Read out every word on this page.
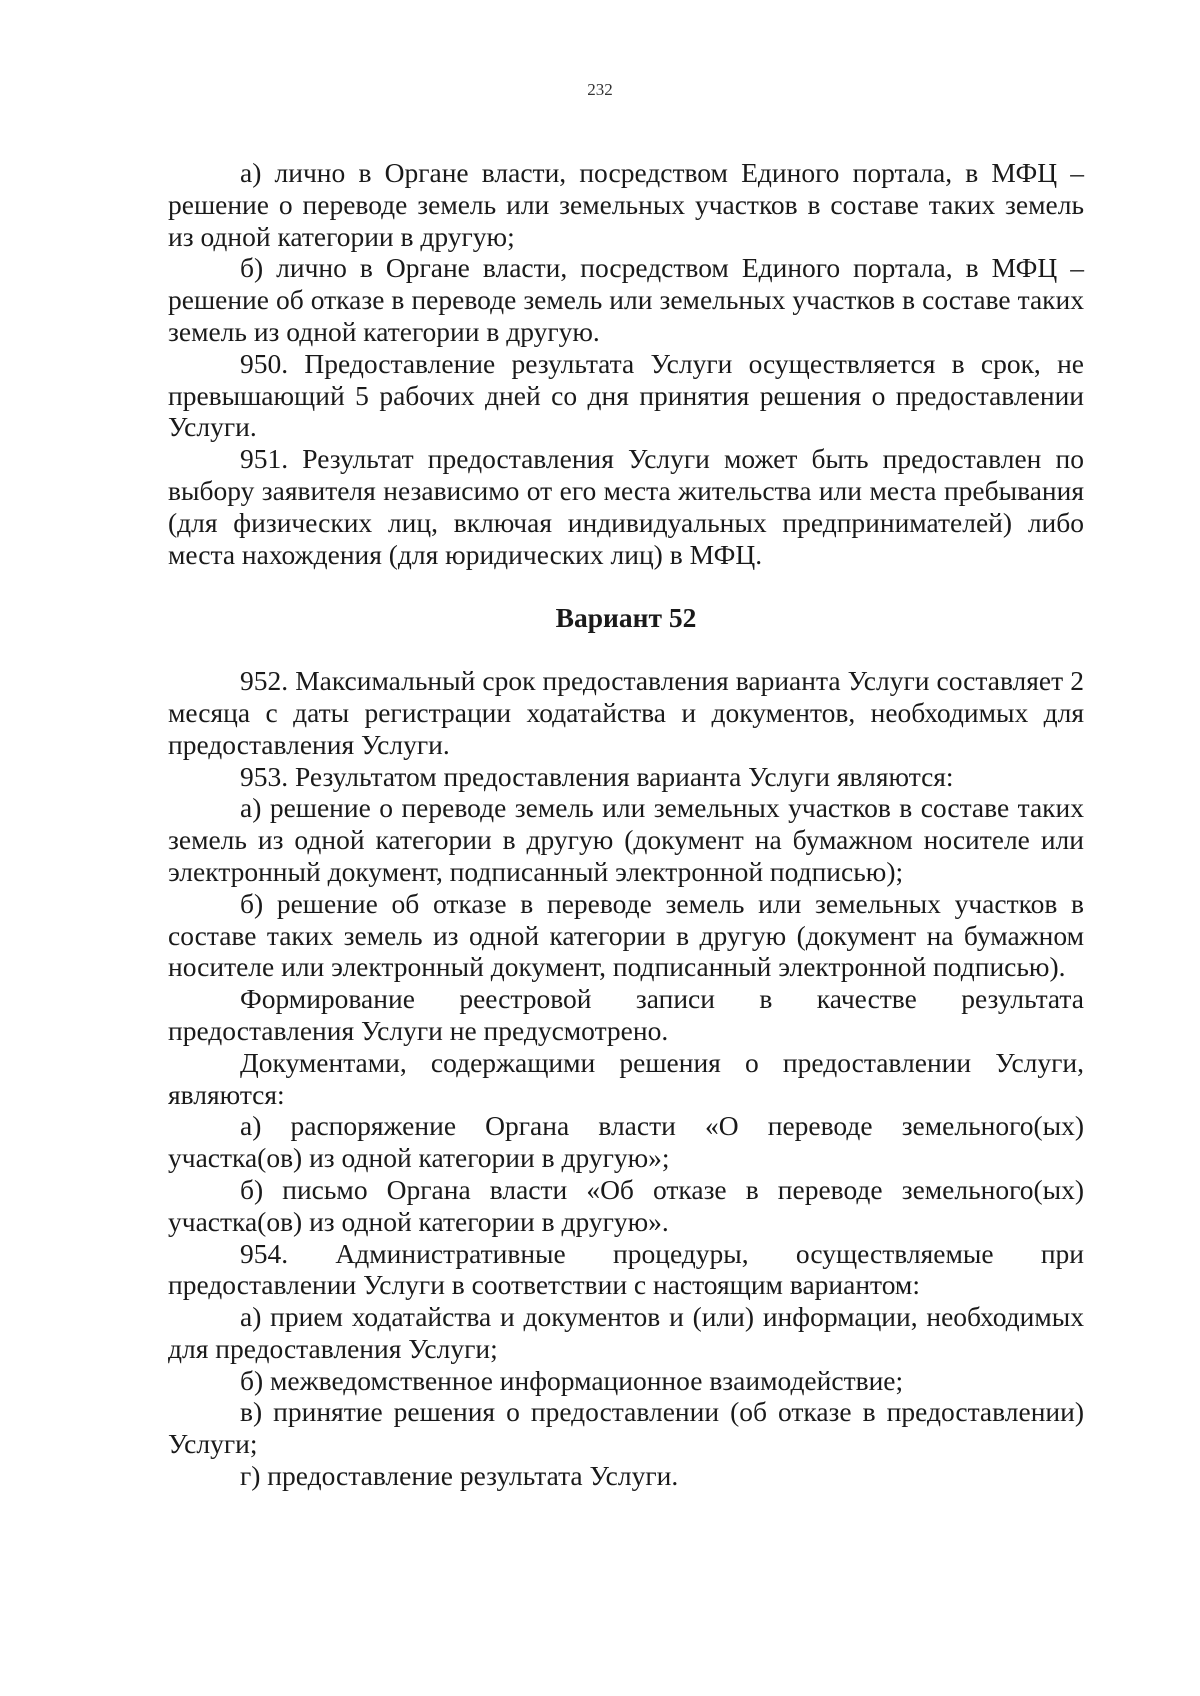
232

а) лично в Органе власти, посредством Единого портала, в МФЦ – решение о переводе земель или земельных участков в составе таких земель из одной категории в другую;

б) лично в Органе власти, посредством Единого портала, в МФЦ – решение об отказе в переводе земель или земельных участков в составе таких земель из одной категории в другую.

950. Предоставление результата Услуги осуществляется в срок, не превышающий 5 рабочих дней со дня принятия решения о предоставлении Услуги.

951. Результат предоставления Услуги может быть предоставлен по выбору заявителя независимо от его места жительства или места пребывания (для физических лиц, включая индивидуальных предпринимателей) либо места нахождения (для юридических лиц) в МФЦ.

Вариант 52

952. Максимальный срок предоставления варианта Услуги составляет 2 месяца с даты регистрации ходатайства и документов, необходимых для предоставления Услуги.

953. Результатом предоставления варианта Услуги являются:

а) решение о переводе земель или земельных участков в составе таких земель из одной категории в другую (документ на бумажном носителе или электронный документ, подписанный электронной подписью);

б) решение об отказе в переводе земель или земельных участков в составе таких земель из одной категории в другую (документ на бумажном носителе или электронный документ, подписанный электронной подписью).

Формирование реестровой записи в качестве результата предоставления Услуги не предусмотрено.

Документами, содержащими решения о предоставлении Услуги, являются:

а) распоряжение Органа власти «О переводе земельного(ых) участка(ов) из одной категории в другую»;

б) письмо Органа власти «Об отказе в переводе земельного(ых) участка(ов) из одной категории в другую».

954. Административные процедуры, осуществляемые при предоставлении Услуги в соответствии с настоящим вариантом:

а) прием ходатайства и документов и (или) информации, необходимых для предоставления Услуги;

б) межведомственное информационное взаимодействие;

в) принятие решения о предоставлении (об отказе в предоставлении) Услуги;

г) предоставление результата Услуги.
